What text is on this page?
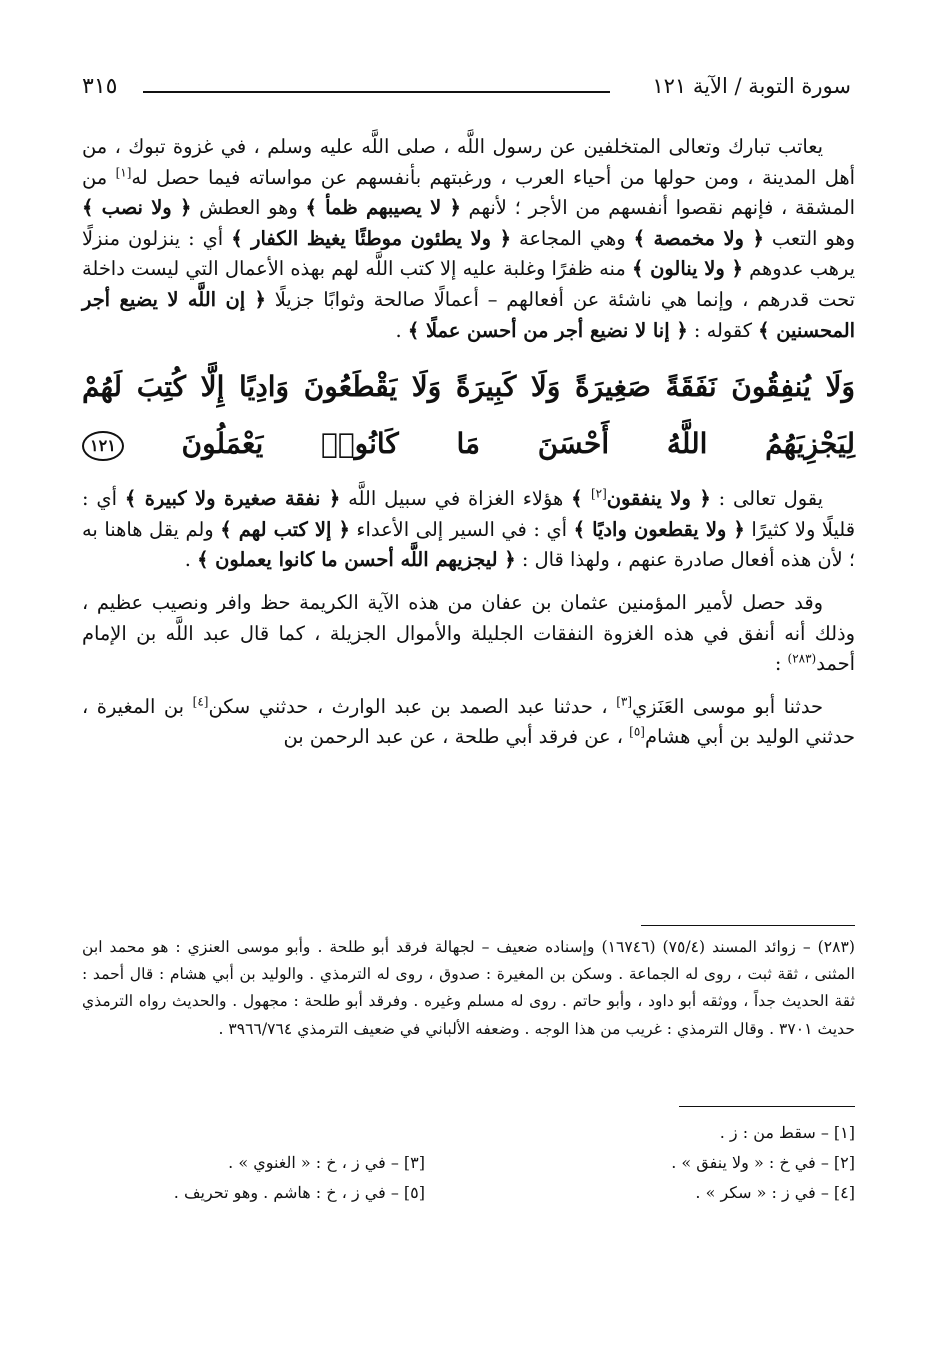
سورة التوبة / الآية ١٢١
٣١٥

يعاتب تبارك وتعالى المتخلفين عن رسول اللَّه ، صلى اللَّه عليه وسلم ، في غزوة تبوك ، من أهل المدينة ، ومن حولها من أحياء العرب ، ورغبتهم بأنفسهم عن مواساته فيما حصل له[١] من المشقة ، فإنهم نقصوا أنفسهم من الأجر ؛ لأنهم ﴿ لا يصيبهم ظمأ ﴾ وهو العطش ﴿ ولا نصب ﴾ وهو التعب ﴿ ولا مخمصة ﴾ وهي المجاعة ﴿ ولا يطئون موطئًا يغيظ الكفار ﴾ أي : ينزلون منزلًا يرهب عدوهم ﴿ ولا ينالون ﴾ منه ظفرًا وغلبة عليه إلا كتب اللَّه لهم بهذه الأعمال التي ليست داخلة تحت قدرهم ، وإنما هي ناشئة عن أفعالهم – أعمالًا صالحة وثوابًا جزيلًا ﴿ إن اللَّه لا يضيع أجر المحسنين ﴾ كقوله : ﴿ إنا لا نضيع أجر من أحسن عملًا ﴾ .

وَلَا يُنفِقُونَ نَفَقَةً صَغِيرَةً وَلَا كَبِيرَةً وَلَا يَقْطَعُونَ وَادِيًا إِلَّا كُتِبَ لَهُمْ لِيَجْزِيَهُمُ اللَّهُ أَحْسَنَ مَا كَانُوا۟ يَعْمَلُونَ ١٢١

يقول تعالى : ﴿ ولا ينفقون[٢] ﴾ هؤلاء الغزاة في سبيل اللَّه ﴿ نفقة صغيرة ولا كبيرة ﴾ أي : قليلًا ولا كثيرًا ﴿ ولا يقطعون واديًا ﴾ أي : في السير إلى الأعداء ﴿ إلا كتب لهم ﴾ ولم يقل هاهنا به ؛ لأن هذه أفعال صادرة عنهم ، ولهذا قال : ﴿ ليجزيهم اللَّه أحسن ما كانوا يعملون ﴾ .

وقد حصل لأمير المؤمنين عثمان بن عفان من هذه الآية الكريمة حظ وافر ونصيب عظيم ، وذلك أنه أنفق في هذه الغزوة النفقات الجليلة والأموال الجزيلة ، كما قال عبد اللَّه بن الإمام أحمد$^{(٢٨٣)}$ :

حدثنا أبو موسى العَنَزي[٣] ، حدثنا عبد الصمد بن عبد الوارث ، حدثني سكن[٤] بن المغيرة ، حدثني الوليد بن أبي هشام[٥] ، عن فرقد أبي طلحة ، عن عبد الرحمن بن

(٢٨٣) – زوائد المسند (٧٥/٤) (١٦٧٤٦) وإسناده ضعيف – لجهالة فرقد أبو طلحة . وأبو موسى العنزي : هو محمد ابن المثنى ، ثقة ثبت ، روى له الجماعة . وسكن بن المغيرة : صدوق ، روى له الترمذي . والوليد بن أبي هشام : قال أحمد : ثقة الحديث جداً ، ووثقه أبو داود ، وأبو حاتم . روى له مسلم وغيره . وفرقد أبو طلحة : مجهول . والحديث رواه الترمذي حديث ٣٧٠١ . وقال الترمذي : غريب من هذا الوجه . وضعفه الألباني في ضعيف الترمذي ٣٩٦٦/٧٦٤ .
[١] – سقط من : ز .
[٢] – في خ : « ولا ينفق » .
[٣] – في ز ، خ : « الغنوي » .
[٤] – في ز : « سكر » .
[٥] – في ز ، خ : هاشم . وهو تحريف .
